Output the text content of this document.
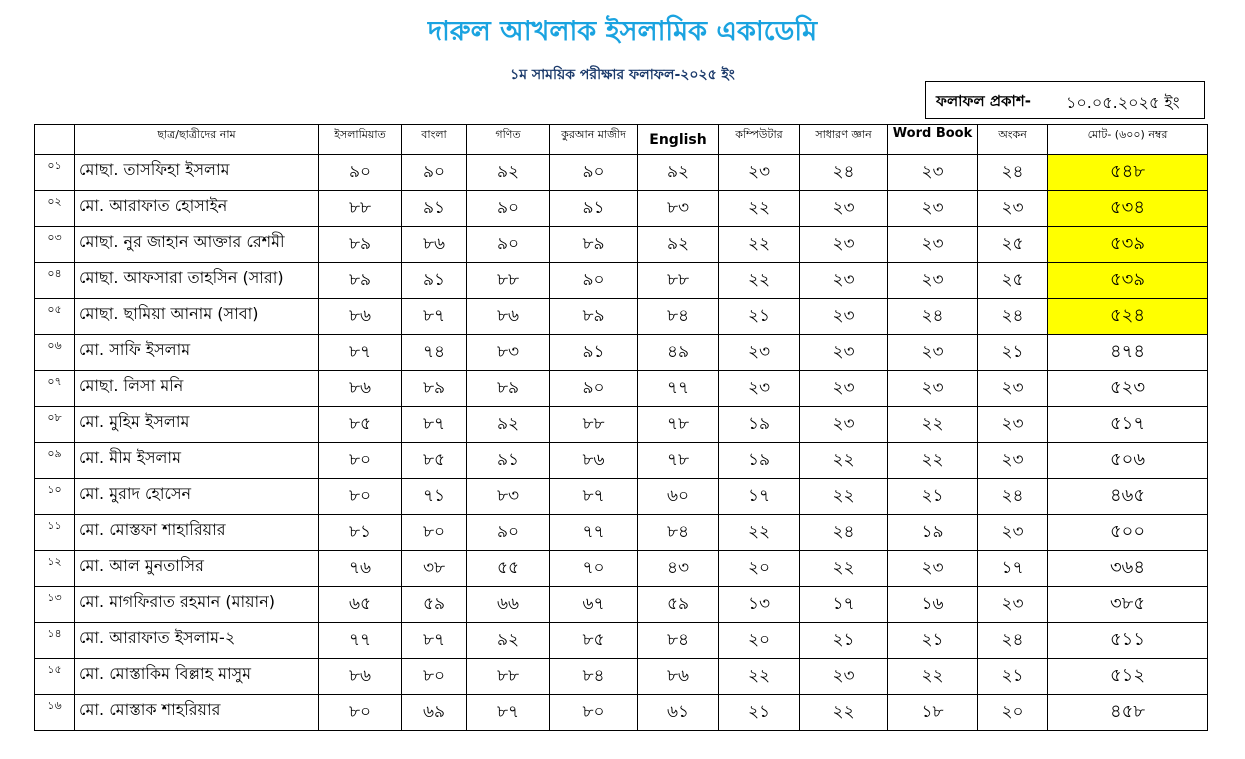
দারুল আখলাক ইসলামিক একাডেমি
১ম সাময়িক পরীক্ষার ফলাফল-২০২৫ ইং
ফলাফল প্রকাশ- ১০.০৫.২০২৫ ইং
	ছাত্র/ছাত্রীদের নাম	ইসলামিয়াত	বাংলা	গণিত	কুরআন মাজীদ	English	কম্পিউটার	সাধারণ জ্ঞান	Word Book	অংকন	মোট- (৬০০) নম্বর
০১	মোছা. তাসফিহা ইসলাম	৯০	৯০	৯২	৯০	৯২	২৩	২৪	২৩	২৪	৫৪৮
০২	মো. আরাফাত হোসাইন	৮৮	৯১	৯০	৯১	৮৩	২২	২৩	২৩	২৩	৫৩৪
০৩	মোছা. নুর জাহান আক্তার রেশমী	৮৯	৮৬	৯০	৮৯	৯২	২২	২৩	২৩	২৫	৫৩৯
০৪	মোছা. আফসারা তাহসিন (সারা)	৮৯	৯১	৮৮	৯০	৮৮	২২	২৩	২৩	২৫	৫৩৯
০৫	মোছা. ছামিয়া আনাম (সাবা)	৮৬	৮৭	৮৬	৮৯	৮৪	২১	২৩	২৪	২৪	৫২৪
০৬	মো. সাফি ইসলাম	৮৭	৭৪	৮৩	৯১	৪৯	২৩	২৩	২৩	২১	৪৭৪
০৭	মোছা. লিসা মনি	৮৬	৮৯	৮৯	৯০	৭৭	২৩	২৩	২৩	২৩	৫২৩
০৮	মো. মুহিম ইসলাম	৮৫	৮৭	৯২	৮৮	৭৮	১৯	২৩	২২	২৩	৫১৭
০৯	মো. মীম ইসলাম	৮০	৮৫	৯১	৮৬	৭৮	১৯	২২	২২	২৩	৫০৬
১০	মো. মুরাদ হোসেন	৮০	৭১	৮৩	৮৭	৬০	১৭	২২	২১	২৪	৪৬৫
১১	মো. মোস্তফা শাহারিয়ার	৮১	৮০	৯০	৭৭	৮৪	২২	২৪	১৯	২৩	৫০০
১২	মো. আল মুনতাসির	৭৬	৩৮	৫৫	৭০	৪৩	২০	২২	২৩	১৭	৩৬৪
১৩	মো. মাগফিরাত রহমান (মায়ান)	৬৫	৫৯	৬৬	৬৭	৫৯	১৩	১৭	১৬	২৩	৩৮৫
১৪	মো. আরাফাত ইসলাম-২	৭৭	৮৭	৯২	৮৫	৮৪	২০	২১	২১	২৪	৫১১
১৫	মো. মোস্তাকিম বিল্লাহ মাসুম	৮৬	৮০	৮৮	৮৪	৮৬	২২	২৩	২২	২১	৫১২
১৬	মো. মোস্তাক শাহরিয়ার	৮০	৬৯	৮৭	৮০	৬১	২১	২২	১৮	২০	৪৫৮
